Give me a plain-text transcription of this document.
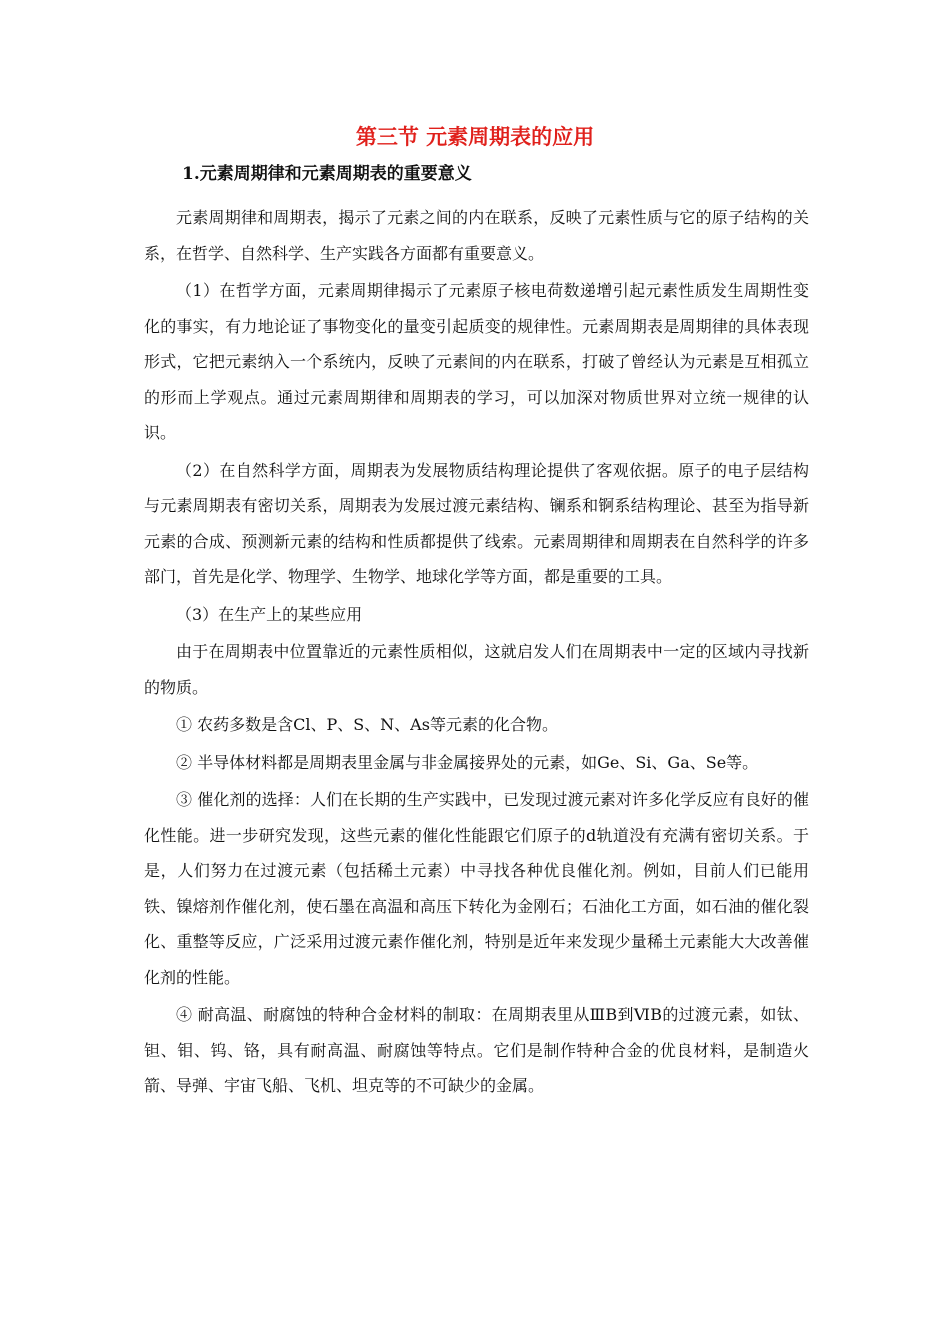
第三节 元素周期表的应用
1.元素周期律和元素周期表的重要意义

元素周期律和周期表，揭示了元素之间的内在联系，反映了元素性质与它的原子结构的关系，在哲学、自然科学、生产实践各方面都有重要意义。

（1）在哲学方面，元素周期律揭示了元素原子核电荷数递增引起元素性质发生周期性变化的事实，有力地论证了事物变化的量变引起质变的规律性。元素周期表是周期律的具体表现形式，它把元素纳入一个系统内，反映了元素间的内在联系，打破了曾经认为元素是互相孤立的形而上学观点。通过元素周期律和周期表的学习，可以加深对物质世界对立统一规律的认识。

（2）在自然科学方面，周期表为发展物质结构理论提供了客观依据。原子的电子层结构与元素周期表有密切关系，周期表为发展过渡元素结构、镧系和锕系结构理论、甚至为指导新元素的合成、预测新元素的结构和性质都提供了线索。元素周期律和周期表在自然科学的许多部门，首先是化学、物理学、生物学、地球化学等方面，都是重要的工具。

（3）在生产上的某些应用

由于在周期表中位置靠近的元素性质相似，这就启发人们在周期表中一定的区域内寻找新的物质。

① 农药多数是含Cl、P、S、N、As等元素的化合物。

② 半导体材料都是周期表里金属与非金属接界处的元素，如Ge、Si、Ga、Se等。

③ 催化剂的选择：人们在长期的生产实践中，已发现过渡元素对许多化学反应有良好的催化性能。进一步研究发现，这些元素的催化性能跟它们原子的d轨道没有充满有密切关系。于是，人们努力在过渡元素（包括稀土元素）中寻找各种优良催化剂。例如，目前人们已能用铁、镍熔剂作催化剂，使石墨在高温和高压下转化为金刚石；石油化工方面，如石油的催化裂化、重整等反应，广泛采用过渡元素作催化剂，特别是近年来发现少量稀土元素能大大改善催化剂的性能。

④ 耐高温、耐腐蚀的特种合金材料的制取：在周期表里从ⅢB到ⅥB的过渡元素，如钛、钽、钼、钨、铬，具有耐高温、耐腐蚀等特点。它们是制作特种合金的优良材料，是制造火箭、导弹、宇宙飞船、飞机、坦克等的不可缺少的金属。
